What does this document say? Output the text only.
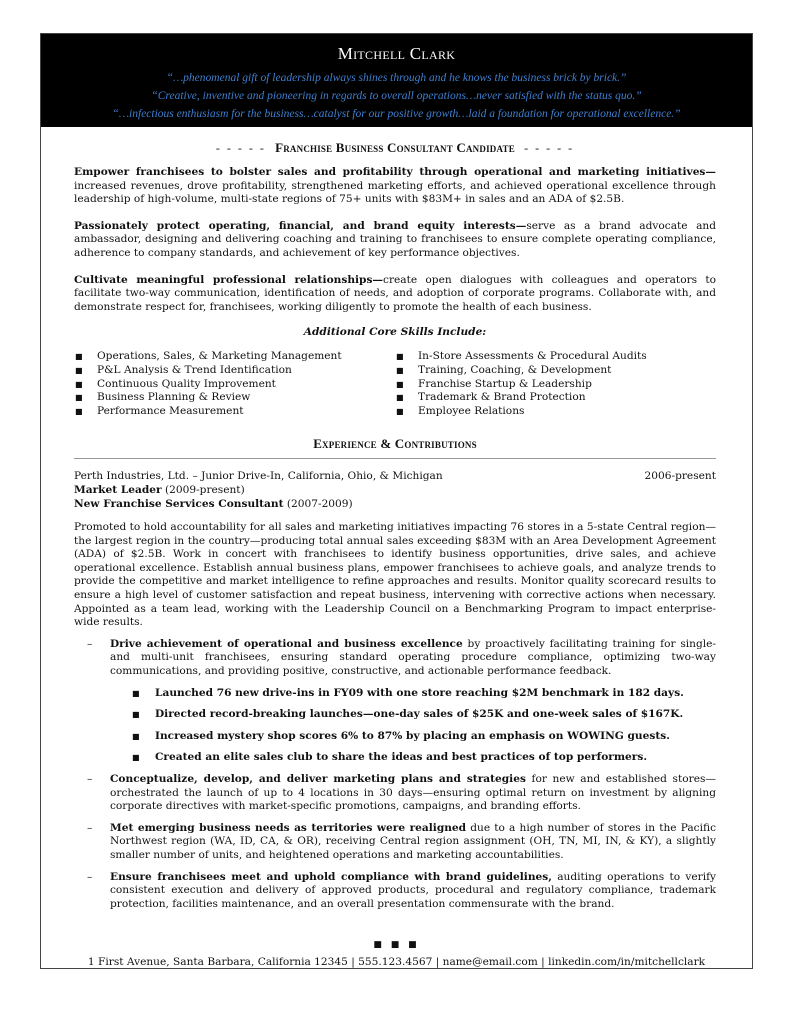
Mitchell Clark
“…phenomenal gift of leadership always shines through and he knows the business brick by brick.”
“Creative, inventive and pioneering in regards to overall operations…never satisfied with the status quo.”
“…infectious enthusiasm for the business…catalyst for our positive growth…laid a foundation for operational excellence.”
- - - - - Franchise Business Consultant Candidate - - - - -

Empower franchisees to bolster sales and profitability through operational and marketing initiatives—increased revenues, drove profitability, strengthened marketing efforts, and achieved operational excellence through leadership of high-volume, multi-state regions of 75+ units with $83M+ in sales and an ADA of $2.5B.

Passionately protect operating, financial, and brand equity interests—serve as a brand advocate and ambassador, designing and delivering coaching and training to franchisees to ensure complete operating compliance, adherence to company standards, and achievement of key performance objectives.

Cultivate meaningful professional relationships—create open dialogues with colleagues and operators to facilitate two-way communication, identification of needs, and adoption of corporate programs. Collaborate with, and demonstrate respect for, franchisees, working diligently to promote the health of each business.

Additional Core Skills Include:
■ Operations, Sales, & Marketing Management
■ P&L Analysis & Trend Identification
■ Continuous Quality Improvement
■ Business Planning & Review
■ Performance Measurement
■ In-Store Assessments & Procedural Audits
■ Training, Coaching, & Development
■ Franchise Startup & Leadership
■ Trademark & Brand Protection
■ Employee Relations
Experience & Contributions
Perth Industries, Ltd. – Junior Drive-In, California, Ohio, & Michigan	2006-present
Market Leader (2009-present)
New Franchise Services Consultant (2007-2009)

Promoted to hold accountability for all sales and marketing initiatives impacting 76 stores in a 5-state Central region—the largest region in the country—producing total annual sales exceeding $83M with an Area Development Agreement (ADA) of $2.5B. Work in concert with franchisees to identify business opportunities, drive sales, and achieve operational excellence. Establish annual business plans, empower franchisees to achieve goals, and analyze trends to provide the competitive and market intelligence to refine approaches and results. Monitor quality scorecard results to ensure a high level of customer satisfaction and repeat business, intervening with corrective actions when necessary. Appointed as a team lead, working with the Leadership Council on a Benchmarking Program to impact enterprise-wide results.

– Drive achievement of operational and business excellence by proactively facilitating training for single- and multi-unit franchisees, ensuring standard operating procedure compliance, optimizing two-way communications, and providing positive, constructive, and actionable performance feedback.
■ Launched 76 new drive-ins in FY09 with one store reaching $2M benchmark in 182 days.
■ Directed record-breaking launches—one-day sales of $25K and one-week sales of $167K.
■ Increased mystery shop scores 6% to 87% by placing an emphasis on WOWING guests.
■ Created an elite sales club to share the ideas and best practices of top performers.
– Conceptualize, develop, and deliver marketing plans and strategies for new and established stores—orchestrated the launch of up to 4 locations in 30 days—ensuring optimal return on investment by aligning corporate directives with market-specific promotions, campaigns, and branding efforts.
– Met emerging business needs as territories were realigned due to a high number of stores in the Pacific Northwest region (WA, ID, CA, & OR), receiving Central region assignment (OH, TN, MI, IN, & KY), a slightly smaller number of units, and heightened operations and marketing accountabilities.
– Ensure franchisees meet and uphold compliance with brand guidelines, auditing operations to verify consistent execution and delivery of approved products, procedural and regulatory compliance, trademark protection, facilities maintenance, and an overall presentation commensurate with the brand.
■ ■ ■
1 First Avenue, Santa Barbara, California 12345 | 555.123.4567 | name@email.com | linkedin.com/in/mitchellclark
